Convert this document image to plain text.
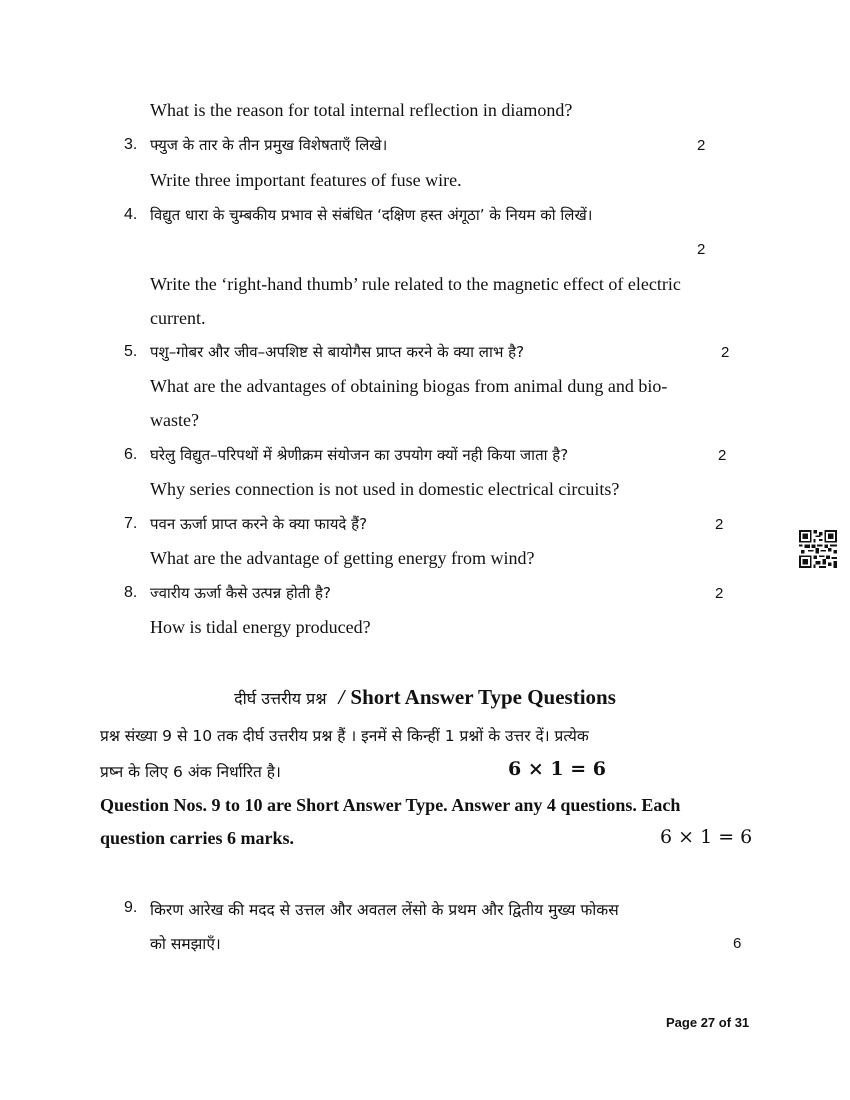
What is the reason for total internal reflection in diamond?
3. फ्युज के तार के तीन प्रमुख विशेषताएँ लिखे।	2
Write three important features of fuse wire.
4. विद्युत धारा के चुम्बकीय प्रभाव से संबंधित ‘दक्षिण हस्त अंगूठा’ के नियम को लिखें।
2
Write the ‘right-hand thumb’ rule related to the magnetic effect of electric
current.
5. पशु–गोबर और जीव–अपशिष्ट से बायोगैस प्राप्त करने के क्या लाभ है?	2
What are the advantages of obtaining biogas from animal dung and bio-
waste?
6. घरेलु विद्युत–परिपथों में श्रेणीक्रम संयोजन का उपयोग क्यों नही किया जाता है?	2
Why series connection is not used in domestic electrical circuits?
7. पवन ऊर्जा प्राप्त करने के क्या फायदे हैं?	2
What are the advantage of getting energy from wind?
8. ज्वारीय ऊर्जा कैसे उत्पन्न होती है?	2
How is tidal energy produced?
दीर्घ उत्तरीय प्रश्न / Short Answer Type Questions
प्रश्न संख्या 9 से 10 तक दीर्घ उत्तरीय प्रश्न हैं । इनमें से किन्हीं 1 प्रश्नों के उत्तर दें। प्रत्येक
प्रष्न के लिए 6 अंक निर्धारित है।	6 × 1 = 6
Question Nos. 9 to 10 are Short Answer Type. Answer any 4 questions. Each
question carries 6 marks.	6 × 1 = 6
9. किरण आरेख की मदद से उत्तल और अवतल लेंसो के प्रथम और द्वितीय मुख्य फोकस
को समझाएँ।	6
Page 27 of 31
